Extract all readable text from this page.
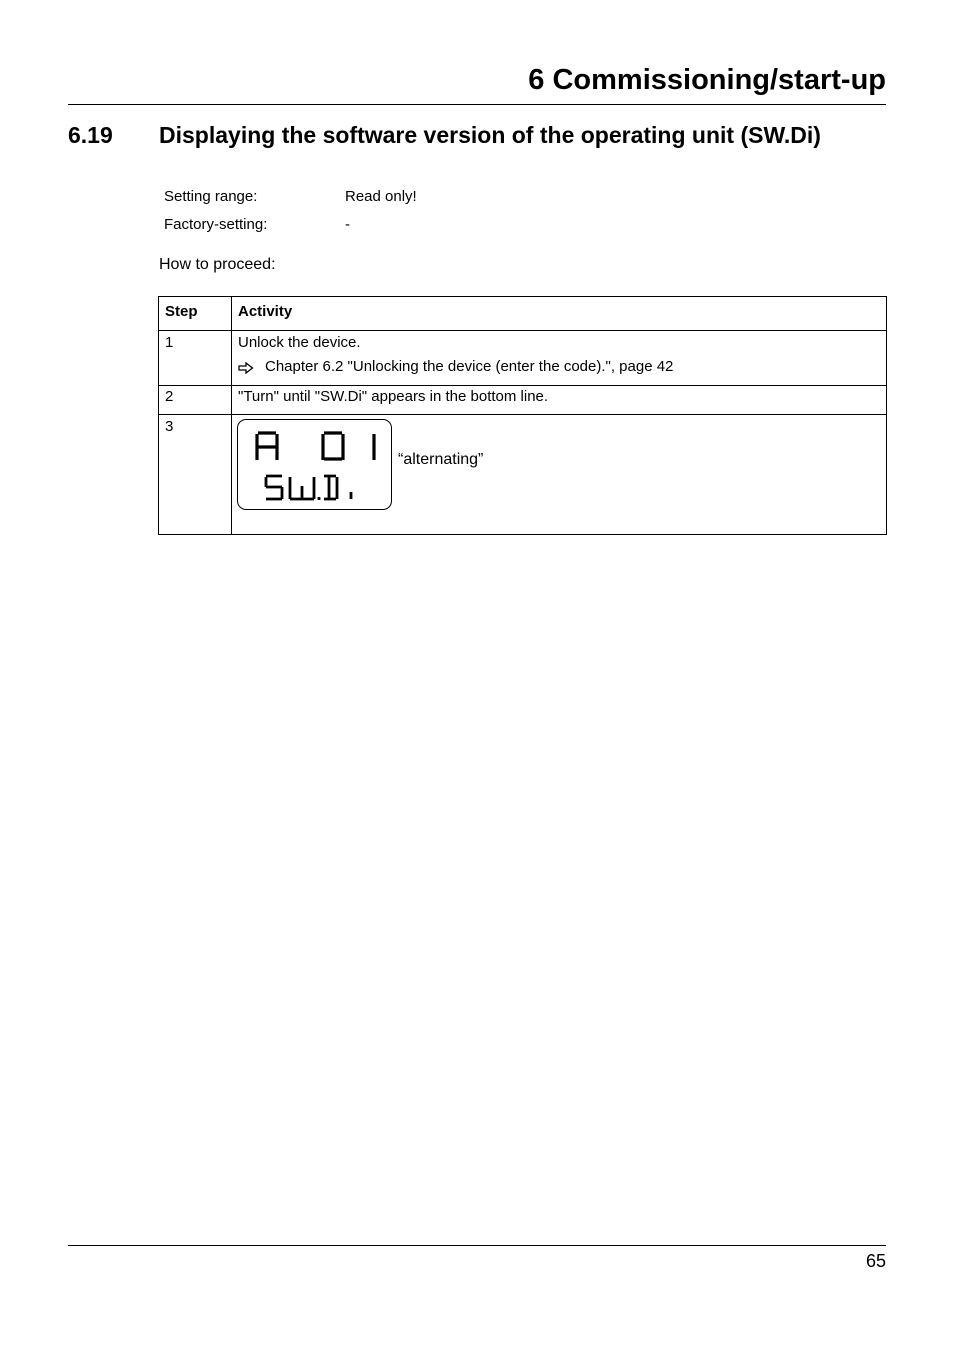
6 Commissioning/start-up
6.19 Displaying the software version of the operating unit (SW.Di)
Setting range:	Read only!
Factory-setting:	-
How to proceed:
Step	Activity
1	Unlock the device.
Chapter 6.2 "Unlocking the device (enter the code).", page 42

2	"Turn" until "SW.Di" appears in the bottom line.
3	“alternating”
65
